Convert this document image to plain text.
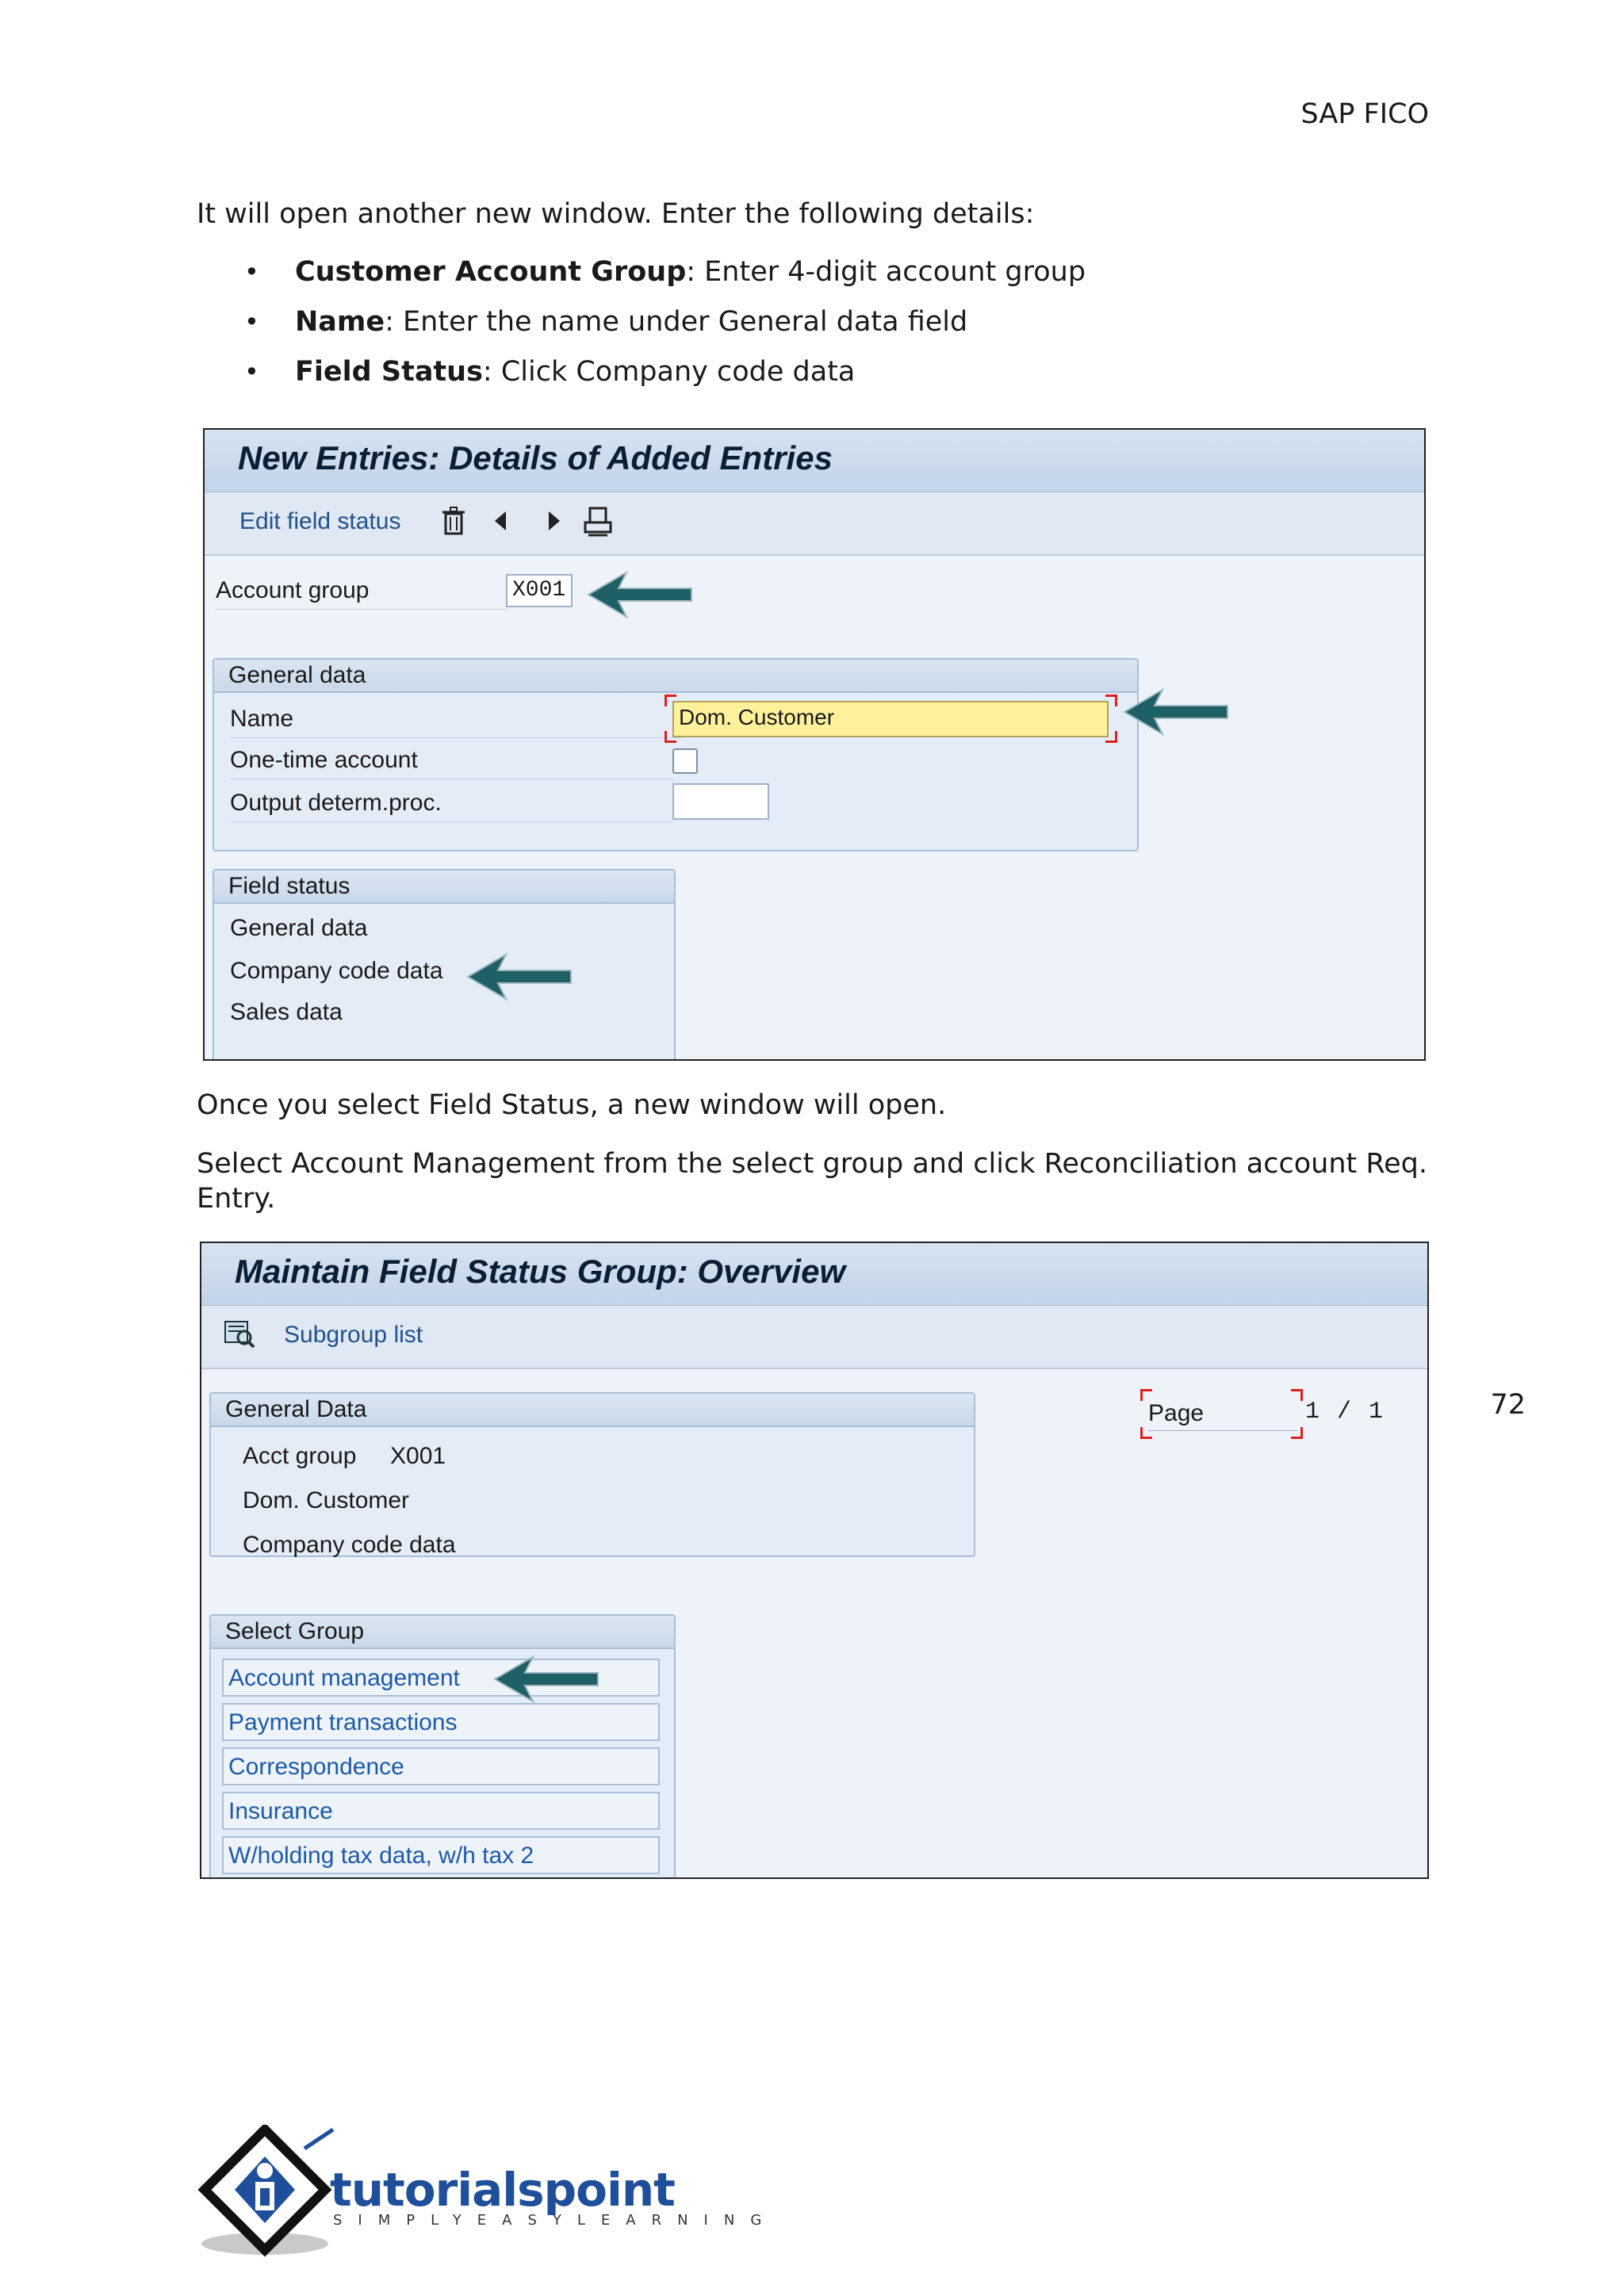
SAP FICO
It will open another new window. Enter the following details:
• Customer Account Group: Enter 4-digit account group
• Name: Enter the name under General data field
• Field Status: Click Company code data
New Entries: Details of Added Entries
Edit field status
Account group	X001
General data
Name	Dom. Customer
One-time account
Output determ.proc.
Field status
General data
Company code data
Sales data
Once you select Field Status, a new window will open.
Select Account Management from the select group and click Reconciliation account Req. Entry.
Maintain Field Status Group: Overview
Subgroup list
General Data
Acct group X001
Dom. Customer
Company code data
Page	1 / 1
Select Group
Account management
Payment transactions
Correspondence
Insurance
W/holding tax data, w/h tax 2
72
tutorialspoint
SIMPLYEASYLEARNING
